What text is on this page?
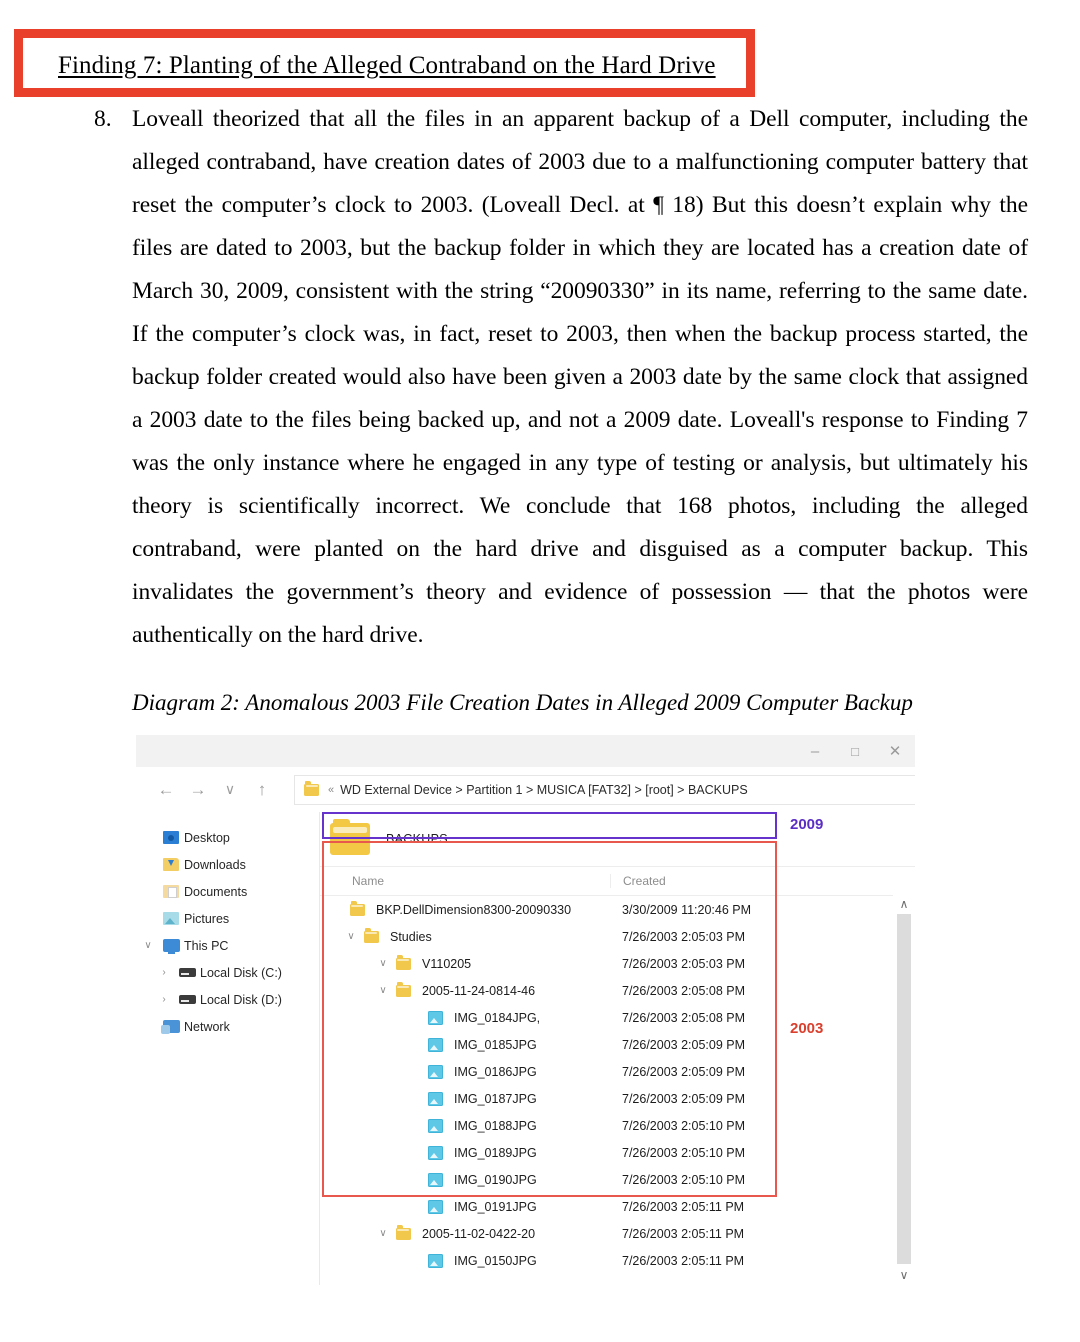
Finding 7: Planting of the Alleged Contraband on the Hard Drive
8. Loveall theorized that all the files in an apparent backup of a Dell computer, including the alleged contraband, have creation dates of 2003 due to a malfunctioning computer battery that reset the computer’s clock to 2003. (Loveall Decl. at ¶ 18) But this doesn’t explain why the files are dated to 2003, but the backup folder in which they are located has a creation date of March 30, 2009, consistent with the string “20090330” in its name, referring to the same date. If the computer’s clock was, in fact, reset to 2003, then when the backup process started, the backup folder created would also have been given a 2003 date by the same clock that assigned a 2003 date to the files being backed up, and not a 2009 date. Loveall's response to Finding 7 was the only instance where he engaged in any type of testing or analysis, but ultimately his theory is scientifically incorrect. We conclude that 168 photos, including the alleged contraband, were planted on the hard drive and disguised as a computer backup. This invalidates the government’s theory and evidence of possession — that the photos were authentically on the hard drive.
Diagram 2: Anomalous 2003 File Creation Dates in Alleged 2009 Computer Backup
–	□	✕
← →	∨	↑	« WD External Device > Partition 1 > MUSICA [FAT32] > [root] > BACKUPS
Desktop
Downloads
Documents
Pictures
∨	This PC
›	Local Disk (C:)
›	Local Disk (D:)
Network
BACKUPS
Name	Created
BKP.DellDimension8300-20090330	3/30/2009 11:20:46 PM
∨	Studies	7/26/2003 2:05:03 PM
∨	V110205	7/26/2003 2:05:03 PM
∨	2005-11-24-0814-46	7/26/2003 2:05:08 PM
IMG_0184JPG,	7/26/2003 2:05:08 PM
IMG_0185JPG	7/26/2003 2:05:09 PM
IMG_0186JPG	7/26/2003 2:05:09 PM
IMG_0187JPG	7/26/2003 2:05:09 PM
IMG_0188JPG	7/26/2003 2:05:10 PM
IMG_0189JPG	7/26/2003 2:05:10 PM
IMG_0190JPG	7/26/2003 2:05:10 PM
IMG_0191JPG	7/26/2003 2:05:11 PM
∨	2005-11-02-0422-20	7/26/2003 2:05:11 PM
IMG_0150JPG	7/26/2003 2:05:11 PM
2009
2003
∧
∨
